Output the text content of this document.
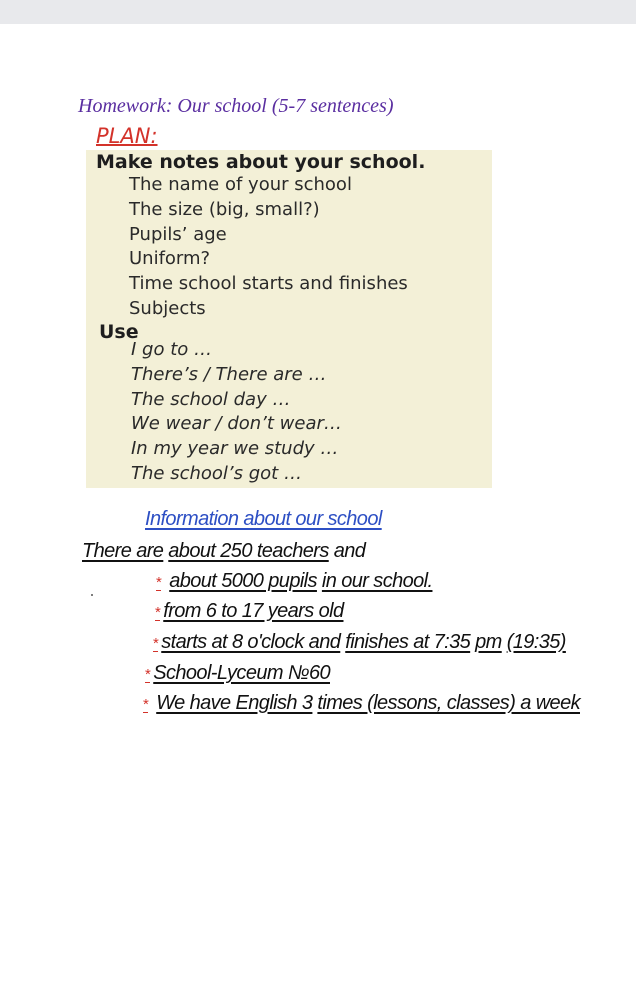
Homework: Our school (5-7 sentences)
PLAN:
Make notes about your school.
The name of your school
The size (big, small?)
Pupils’ age
Uniform?
Time school starts and finishes
Subjects
Use
I go to …
There’s / There are …
The school day …
We wear / don’t wear…
In my year we study …
The school’s got …
Information about our school
There are about 250 teachers and
* about 5000 pupils in our school.
* from 6 to 17 years old
* starts at 8 o'clock and finishes at 7:35 pm (19:35)
* School-Lyceum №60
* We have English 3 times (lessons, classes) a week
